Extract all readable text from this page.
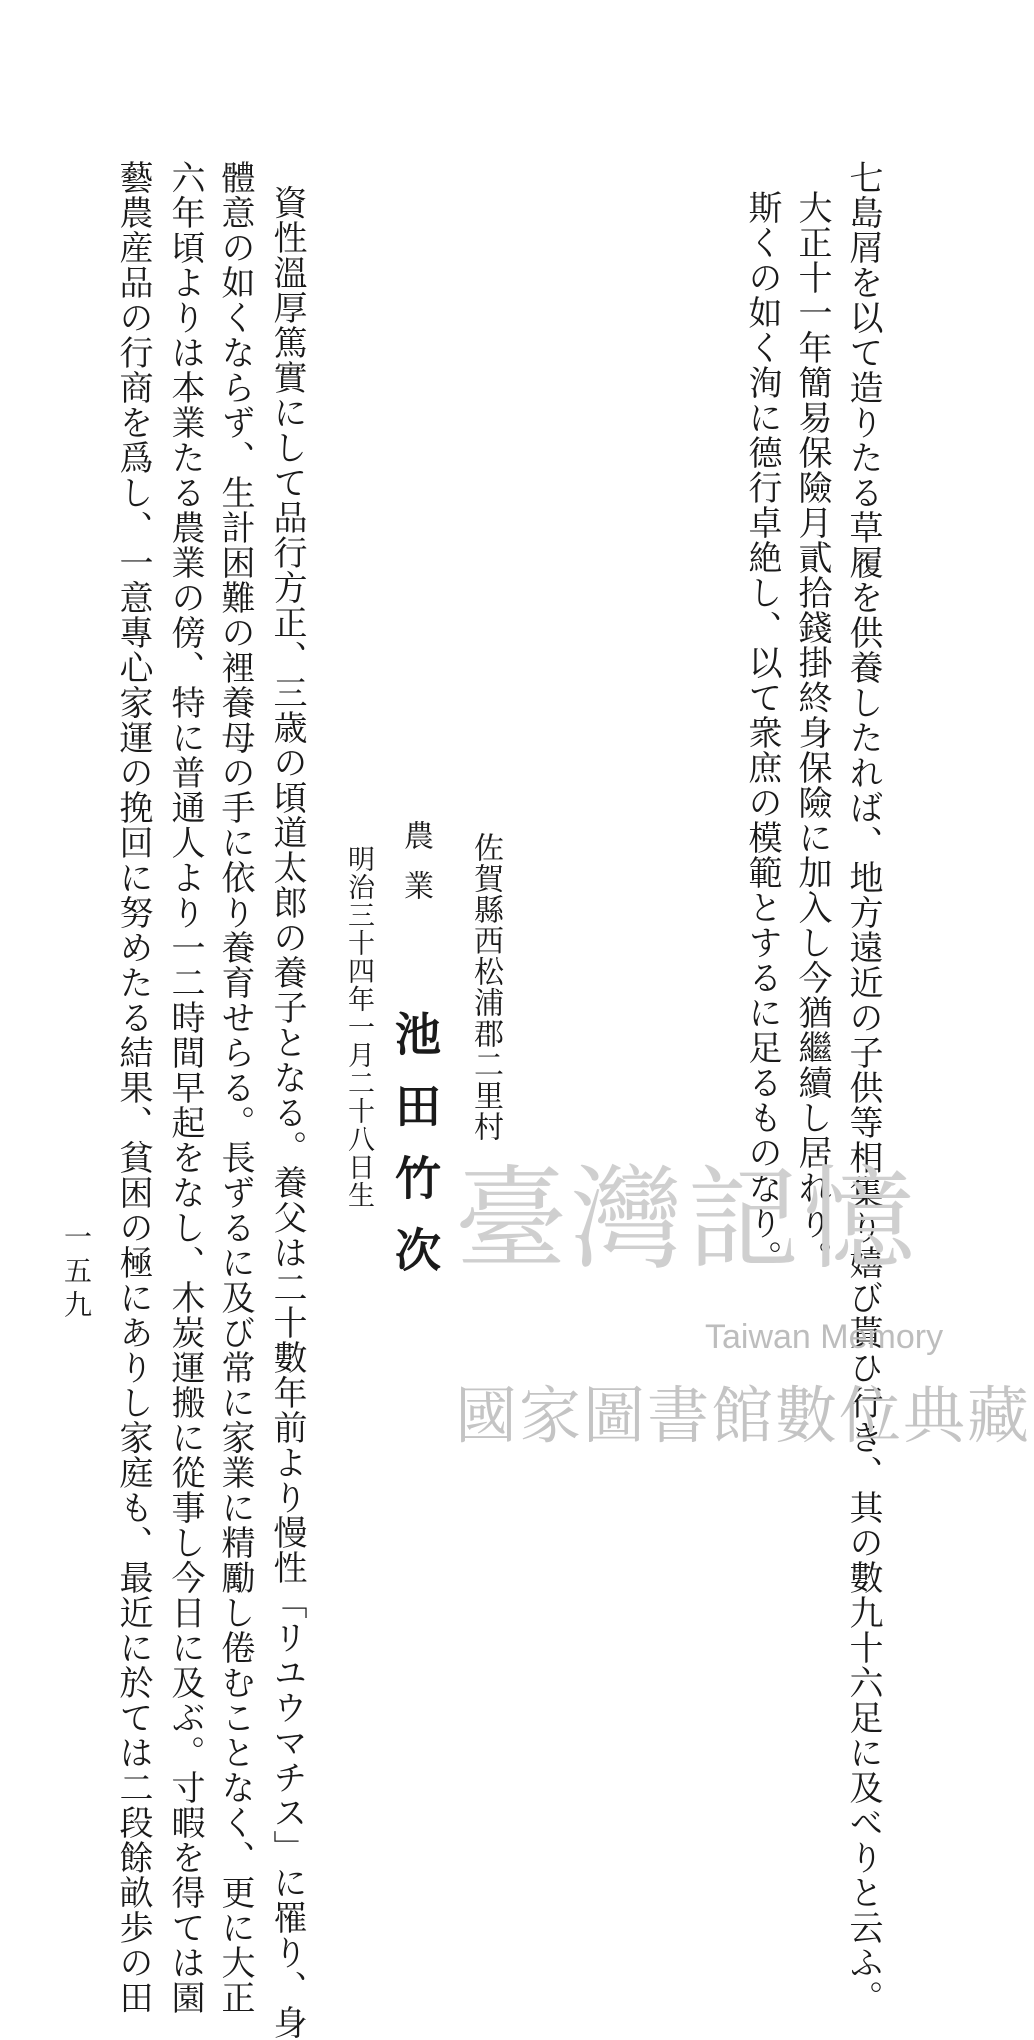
七島屑を以て造りたる草履を供養したれば、地方遠近の子供等相集り嬉び貰ひ行き、其の數九十六足に及べりと云ふ。
大正十一年簡易保險月貳拾錢掛終身保險に加入し今猶繼續し居れり。
斯くの如く洵に德行卓絶し、以て衆庶の模範とするに足るものなり。
佐賀縣西松浦郡二里村
農業
池田竹次
明治三十四年一月二十八日生
資性溫厚篤實にして品行方正、三歳の頃道太郎の養子となる。養父は二十數年前より慢性「リユウマチス」に罹り、身
體意の如くならず、生計困難の裡養母の手に依り養育せらる。長ずるに及び常に家業に精勵し倦むことなく、更に大正
六年頃よりは本業たる農業の傍、特に普通人より一二時間早起をなし、木炭運搬に從事し今日に及ぶ。寸暇を得ては園
藝農産品の行商を爲し、一意專心家運の挽回に努めたる結果、貧困の極にありし家庭も、最近に於ては二段餘畝歩の田
一五九	臺灣記憶
Taiwan Memory
國家圖書館數位典藏
